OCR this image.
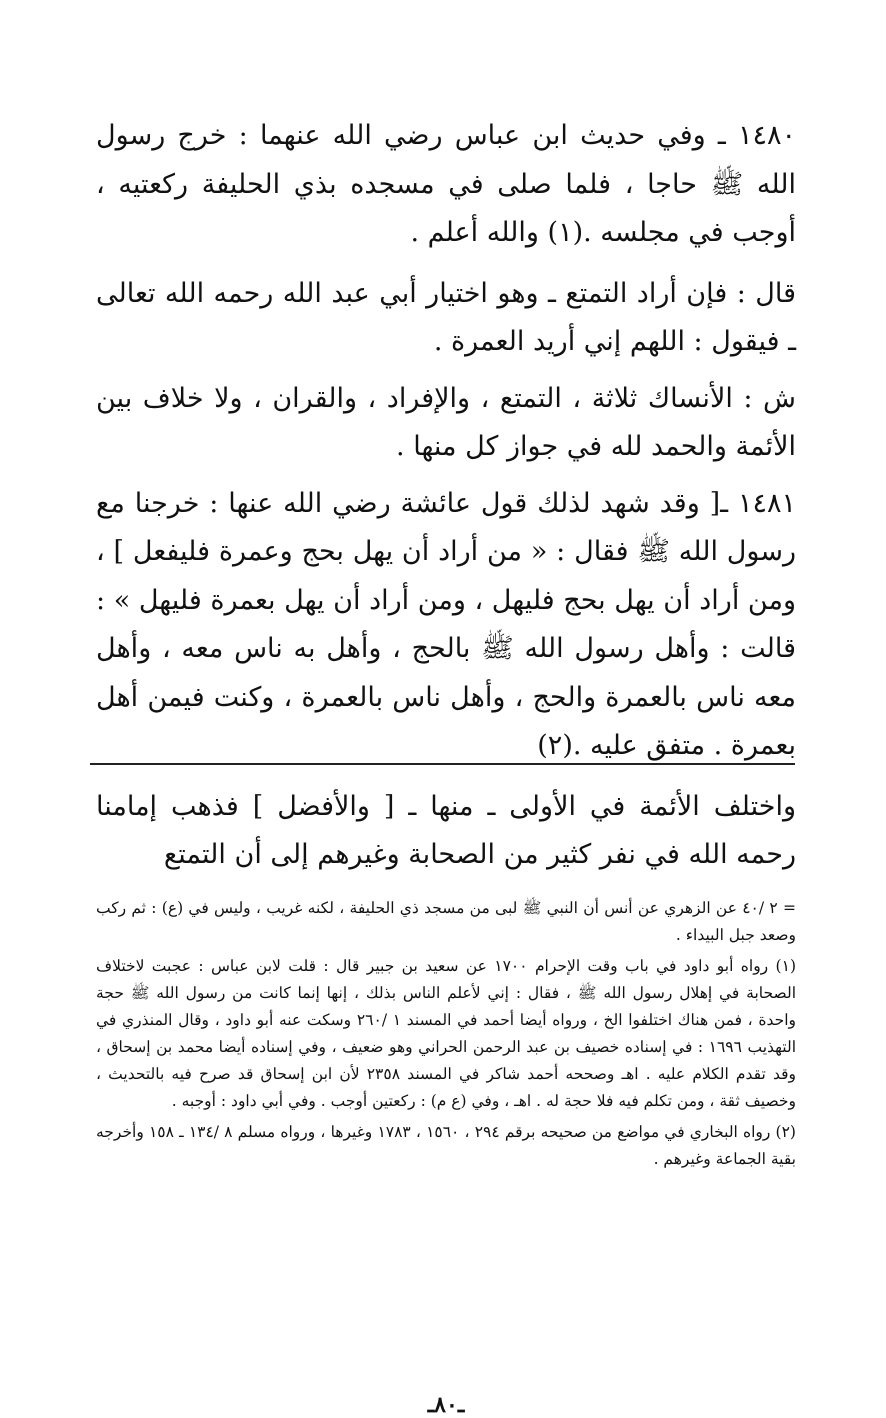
١٤٨٠ ـ وفي حديث ابن عباس رضي الله عنهما : خرج رسول الله ﷺ حاجا ، فلما صلى في مسجده بذي الحليفة ركعتيه ، أوجب في مجلسه .(١) والله أعلم .

قال : فإن أراد التمتع ـ وهو اختيار أبي عبد الله رحمه الله تعالى ـ فيقول : اللهم إني أريد العمرة .

ش : الأنساك ثلاثة ، التمتع ، والإفراد ، والقران ، ولا خلاف بين الأئمة والحمد لله في جواز كل منها .

١٤٨١ ـ[ وقد شهد لذلك قول عائشة رضي الله عنها : خرجنا مع رسول الله ﷺ فقال : « من أراد أن يهل بحج وعمرة فليفعل ] ، ومن أراد أن يهل بحج فليهل ، ومن أراد أن يهل بعمرة فليهل » : قالت : وأهل رسول الله ﷺ بالحج ، وأهل به ناس معه ، وأهل معه ناس بالعمرة والحج ، وأهل ناس بالعمرة ، وكنت فيمن أهل بعمرة . متفق عليه .(٢)

واختلف الأئمة في الأولى ـ منها ـ [ والأفضل ] فذهب إمامنا رحمه الله في نفر كثير من الصحابة وغيرهم إلى أن التمتع

= ٢ /٤٠ عن الزهري عن أنس أن النبي ﷺ لبى من مسجد ذي الحليفة ، لكنه غريب ، وليس في (ع) : ثم ركب وصعد جبل البيداء .

(١) رواه أبو داود في باب وقت الإحرام ١٧٠٠ عن سعيد بن جبير قال : قلت لابن عباس : عجبت لاختلاف الصحابة في إهلال رسول الله ﷺ ، فقال : إني لأعلم الناس بذلك ، إنها إنما كانت من رسول الله ﷺ حجة واحدة ، فمن هناك اختلفوا الخ ، ورواه أيضا أحمد في المسند ١ /٢٦٠ وسكت عنه أبو داود ، وقال المنذري في التهذيب ١٦٩٦ : في إسناده خصيف بن عبد الرحمن الحراني وهو ضعيف ، وفي إسناده أيضا محمد بن إسحاق ، وقد تقدم الكلام عليه . اهـ وصححه أحمد شاكر في المسند ٢٣٥٨ لأن ابن إسحاق قد صرح فيه بالتحديث ، وخصيف ثقة ، ومن تكلم فيه فلا حجة له . اهـ ، وفي (ع م) : ركعتين أوجب . وفي أبي داود : أوجبه .

(٢) رواه البخاري في مواضع من صحيحه برقم ٢٩٤ ، ١٥٦٠ ، ١٧٨٣ وغيرها ، ورواه مسلم ٨ /١٣٤ ـ ١٥٨ وأخرجه بقية الجماعة وغيرهم .

ـ٨٠ـ
